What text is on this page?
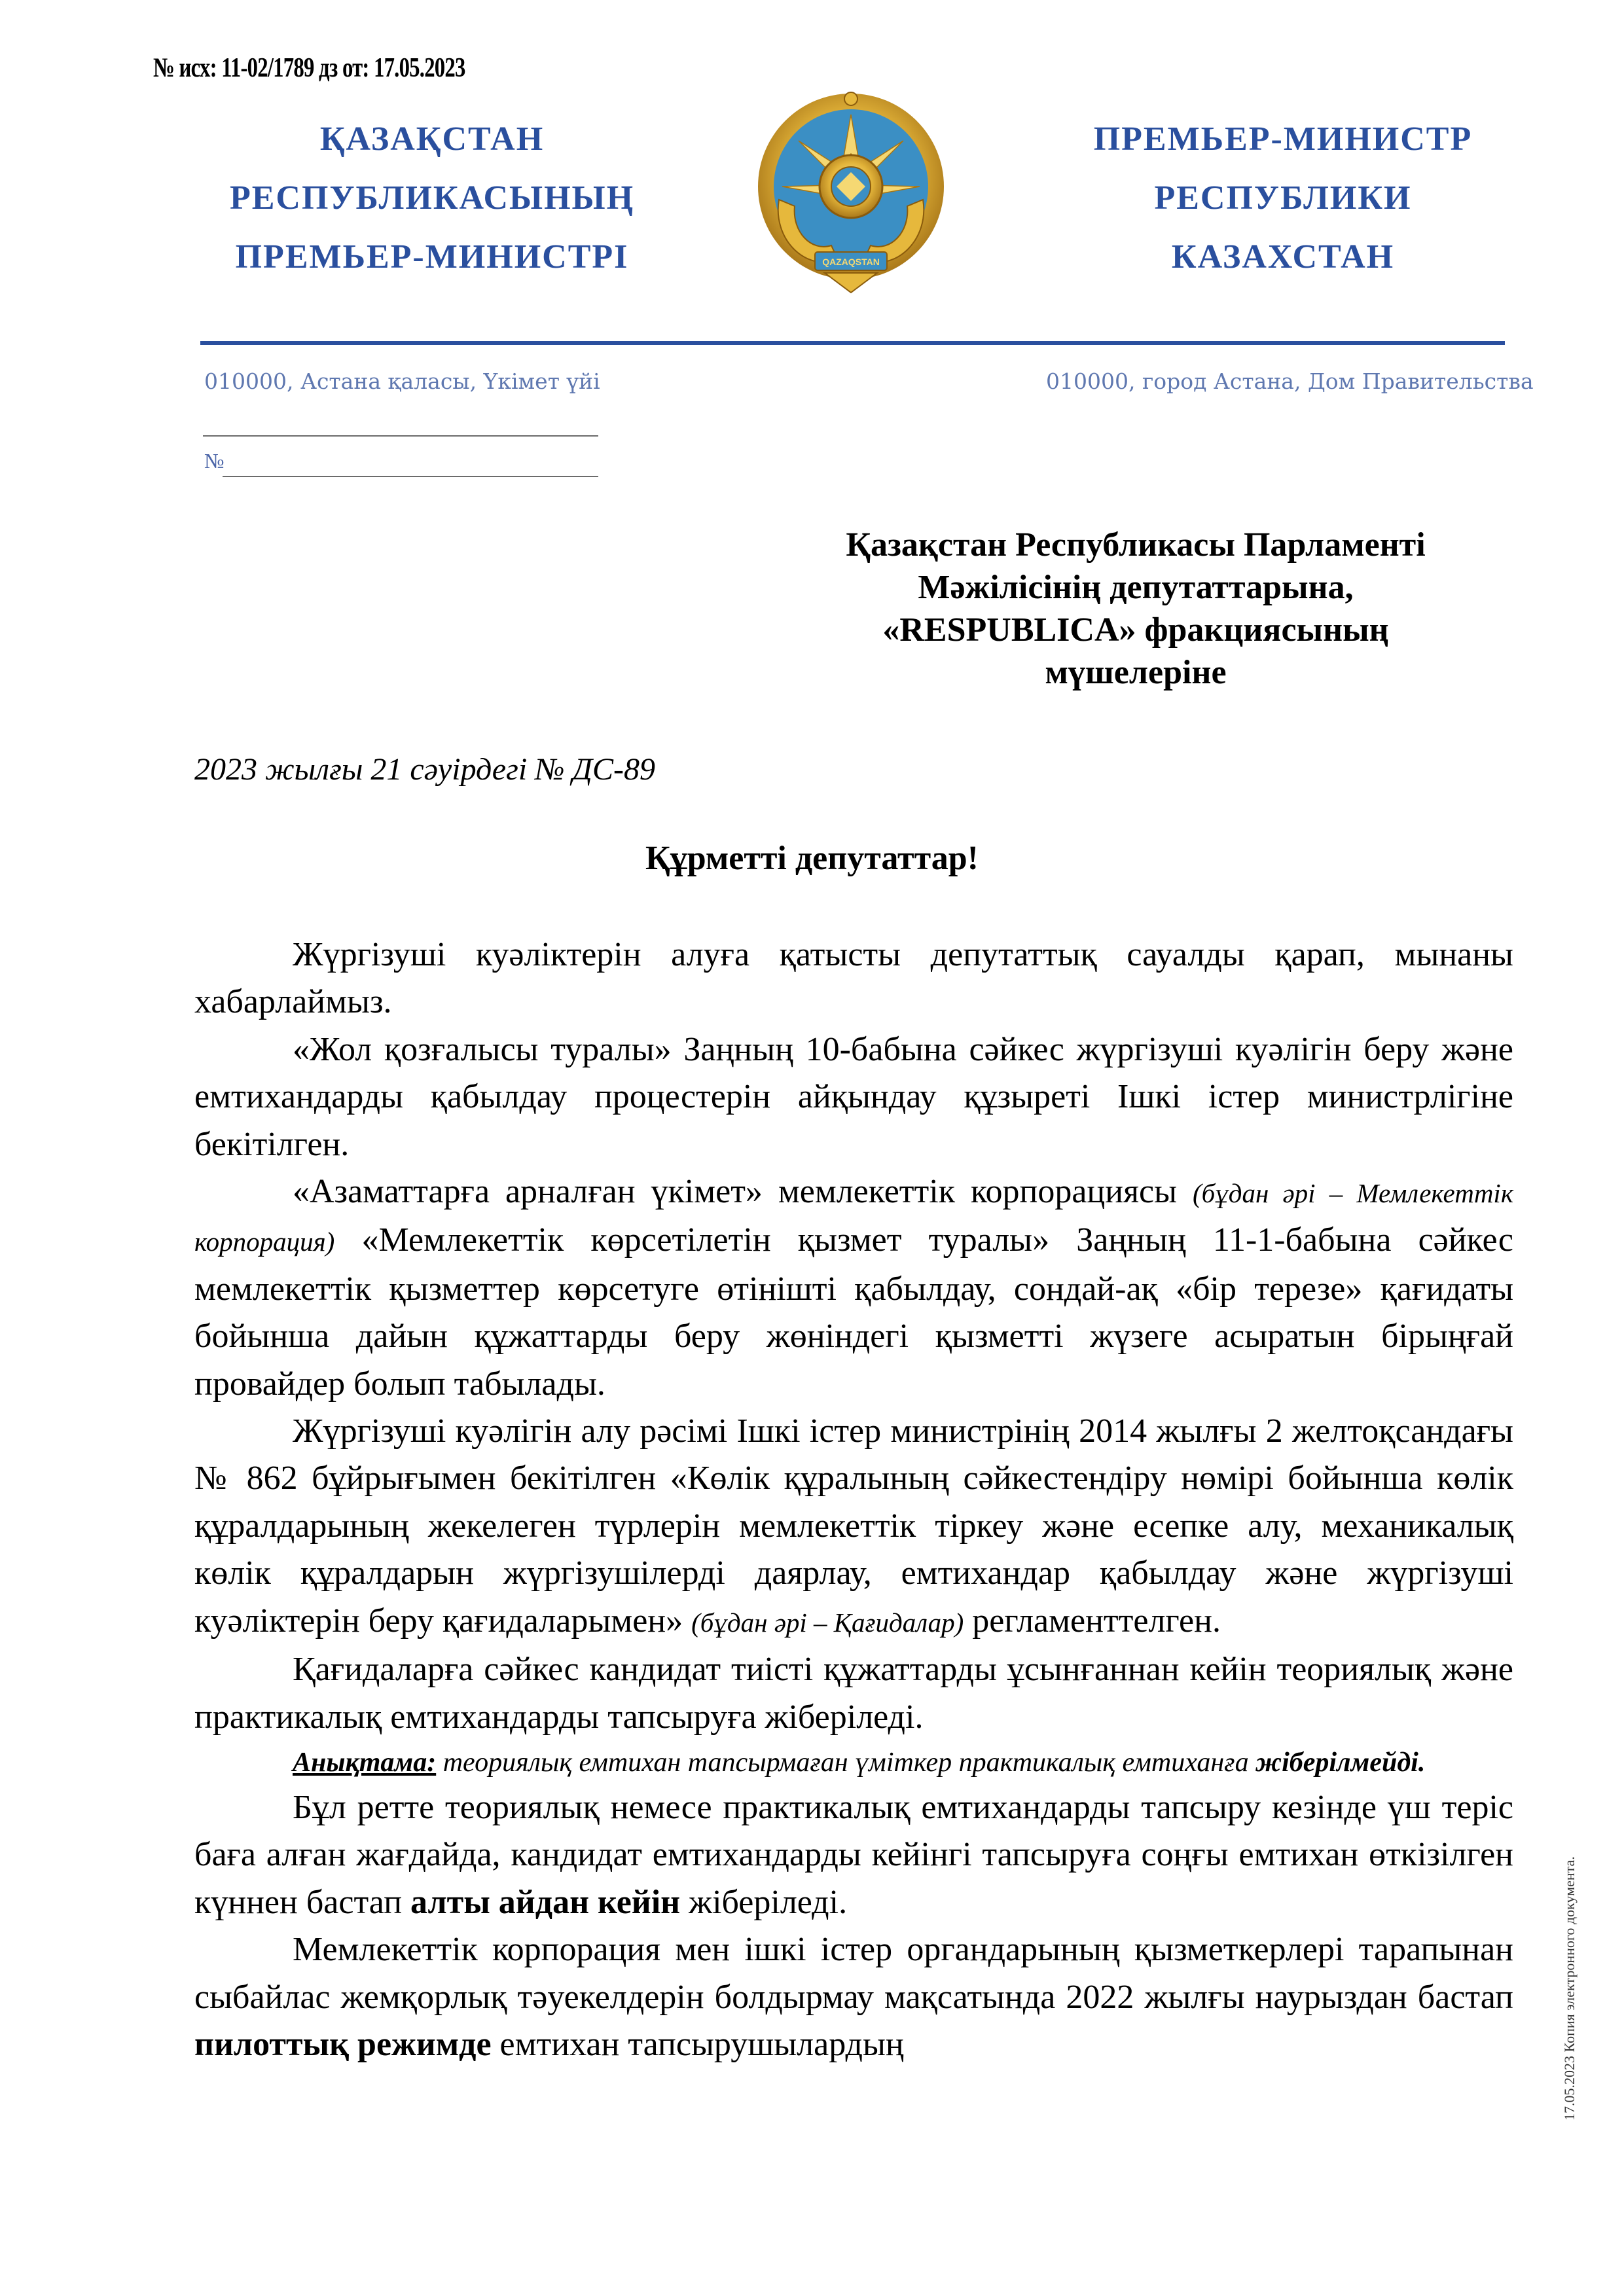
№ исх: 11-02/1789 дз от: 17.05.2023
ҚАЗАҚСТАН
РЕСПУБЛИКАСЫНЫҢ
ПРЕМЬЕР-МИНИСТРІ	QAZAQSTAN
ПРЕМЬЕР-МИНИСТР
РЕСПУБЛИКИ
КАЗАХСТАН
010000, Астана қаласы, Үкімет үйі	010000, город Астана, Дом Правительства
№
Қазақстан Республикасы Парламенті
Мәжілісінің депутаттарына,
«RESPUBLICA» фракциясының
мүшелеріне
2023 жылғы 21 сәуірдегі № ДС-89
Құрметті депутаттар!

Жүргізуші куәліктерін алуға қатысты депутаттық сауалды қарап, мынаны хабарлаймыз.

«Жол қозғалысы туралы» Заңның 10-бабына сәйкес жүргізуші куәлігін беру және емтихандарды қабылдау процестерін айқындау құзыреті Ішкі істер министрлігіне бекітілген.

«Азаматтарға арналған үкімет» мемлекеттік корпорациясы (бұдан әрі – Мемлекеттік корпорация) «Мемлекеттік көрсетілетін қызмет туралы» Заңның 11-1-бабына сәйкес мемлекеттік қызметтер көрсетуге өтінішті қабылдау, сондай-ақ «бір терезе» қағидаты бойынша дайын құжаттарды беру жөніндегі қызметті жүзеге асыратын бірыңғай провайдер болып табылады.

Жүргізуші куәлігін алу рәсімі Ішкі істер министрінің 2014 жылғы 2 желтоқсандағы № 862 бұйрығымен бекітілген «Көлік құралының сәйкестендіру нөмірі бойынша көлік құралдарының жекелеген түрлерін мемлекеттік тіркеу және есепке алу, механикалық көлік құралдарын жүргізушілерді даярлау, емтихандар қабылдау және жүргізуші куәліктерін беру қағидаларымен» (бұдан әрі – Қағидалар) регламенттелген.

Қағидаларға сәйкес кандидат тиісті құжаттарды ұсынғаннан кейін теориялық және практикалық емтихандарды тапсыруға жіберіледі.

Анықтама: теориялық емтихан тапсырмаған үміткер практикалық емтиханға жіберілмейді.

Бұл ретте теориялық немесе практикалық емтихандарды тапсыру кезінде үш теріс баға алған жағдайда, кандидат емтихандарды кейінгі тапсыруға соңғы емтихан өткізілген күннен бастап алты айдан кейін жіберіледі.

Мемлекеттік корпорация мен ішкі істер органдарының қызметкерлері тарапынан сыбайлас жемқорлық тәуекелдерін болдырмау мақсатында 2022 жылғы наурыздан бастап пилоттық режимде емтихан тапсырушылардың	17.05.2023 Копия электронного документа.
